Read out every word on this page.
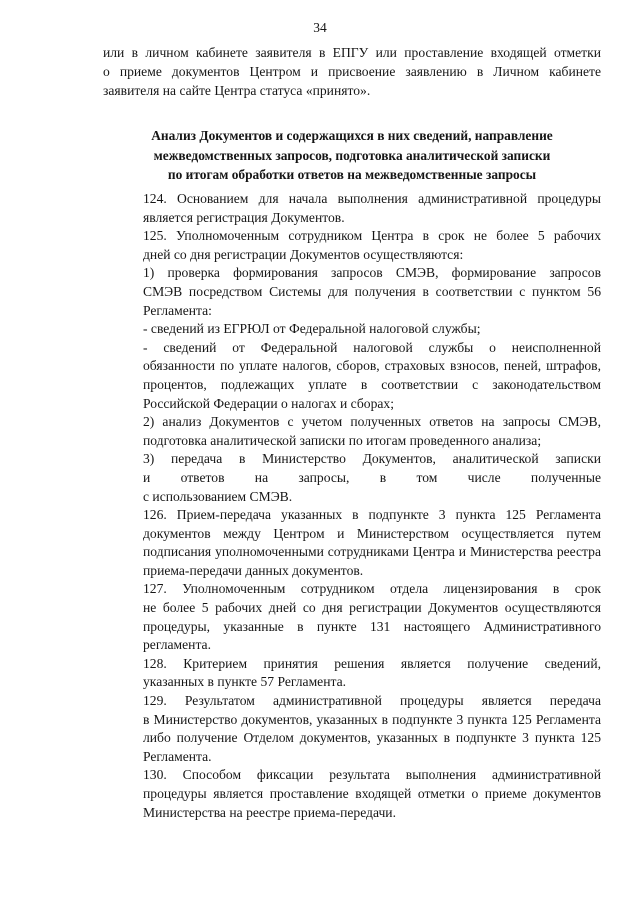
34

или в личном кабинете заявителя в ЕПГУ или проставление входящей отметки
о приеме документов Центром и присвоение заявлению в Личном кабинете
заявителя на сайте Центра статуса «принято».

Анализ Документов и содержащихся в них сведений, направление
межведомственных запросов, подготовка аналитической записки
по итогам обработки ответов на межведомственные запросы

124. Основанием для начала выполнения административной процедуры
является регистрация Документов.

125. Уполномоченным сотрудником Центра в срок не более 5 рабочих
дней со дня регистрации Документов осуществляются:

1) проверка формирования запросов СМЭВ, формирование запросов
СМЭВ посредством Системы для получения в соответствии с пунктом 56
Регламента:

- сведений из ЕГРЮЛ от Федеральной налоговой службы;

- сведений от Федеральной налоговой службы о неисполненной
обязанности по уплате налогов, сборов, страховых взносов, пеней, штрафов,
процентов, подлежащих уплате в соответствии с законодательством
Российской Федерации о налогах и сборах;

2) анализ Документов с учетом полученных ответов на запросы СМЭВ,
подготовка аналитической записки по итогам проведенного анализа;

3) передача в Министерство Документов, аналитической записки
и ответов на запросы, в том числе полученные
с использованием СМЭВ.

126. Прием-передача указанных в подпункте 3 пункта 125 Регламента
документов между Центром и Министерством осуществляется путем
подписания уполномоченными сотрудниками Центра и Министерства реестра
приема-передачи данных документов.

127. Уполномоченным сотрудником отдела лицензирования в срок
не более 5 рабочих дней со дня регистрации Документов осуществляются
процедуры, указанные в пункте 131 настоящего Административного
регламента.

128. Критерием принятия решения является получение сведений,
указанных в пункте 57 Регламента.

129. Результатом административной процедуры является передача
в Министерство документов, указанных в подпункте 3 пункта 125 Регламента
либо получение Отделом документов, указанных в подпункте 3 пункта 125
Регламента.

130. Способом фиксации результата выполнения административной
процедуры является проставление входящей отметки о приеме документов
Министерства на реестре приема-передачи.
